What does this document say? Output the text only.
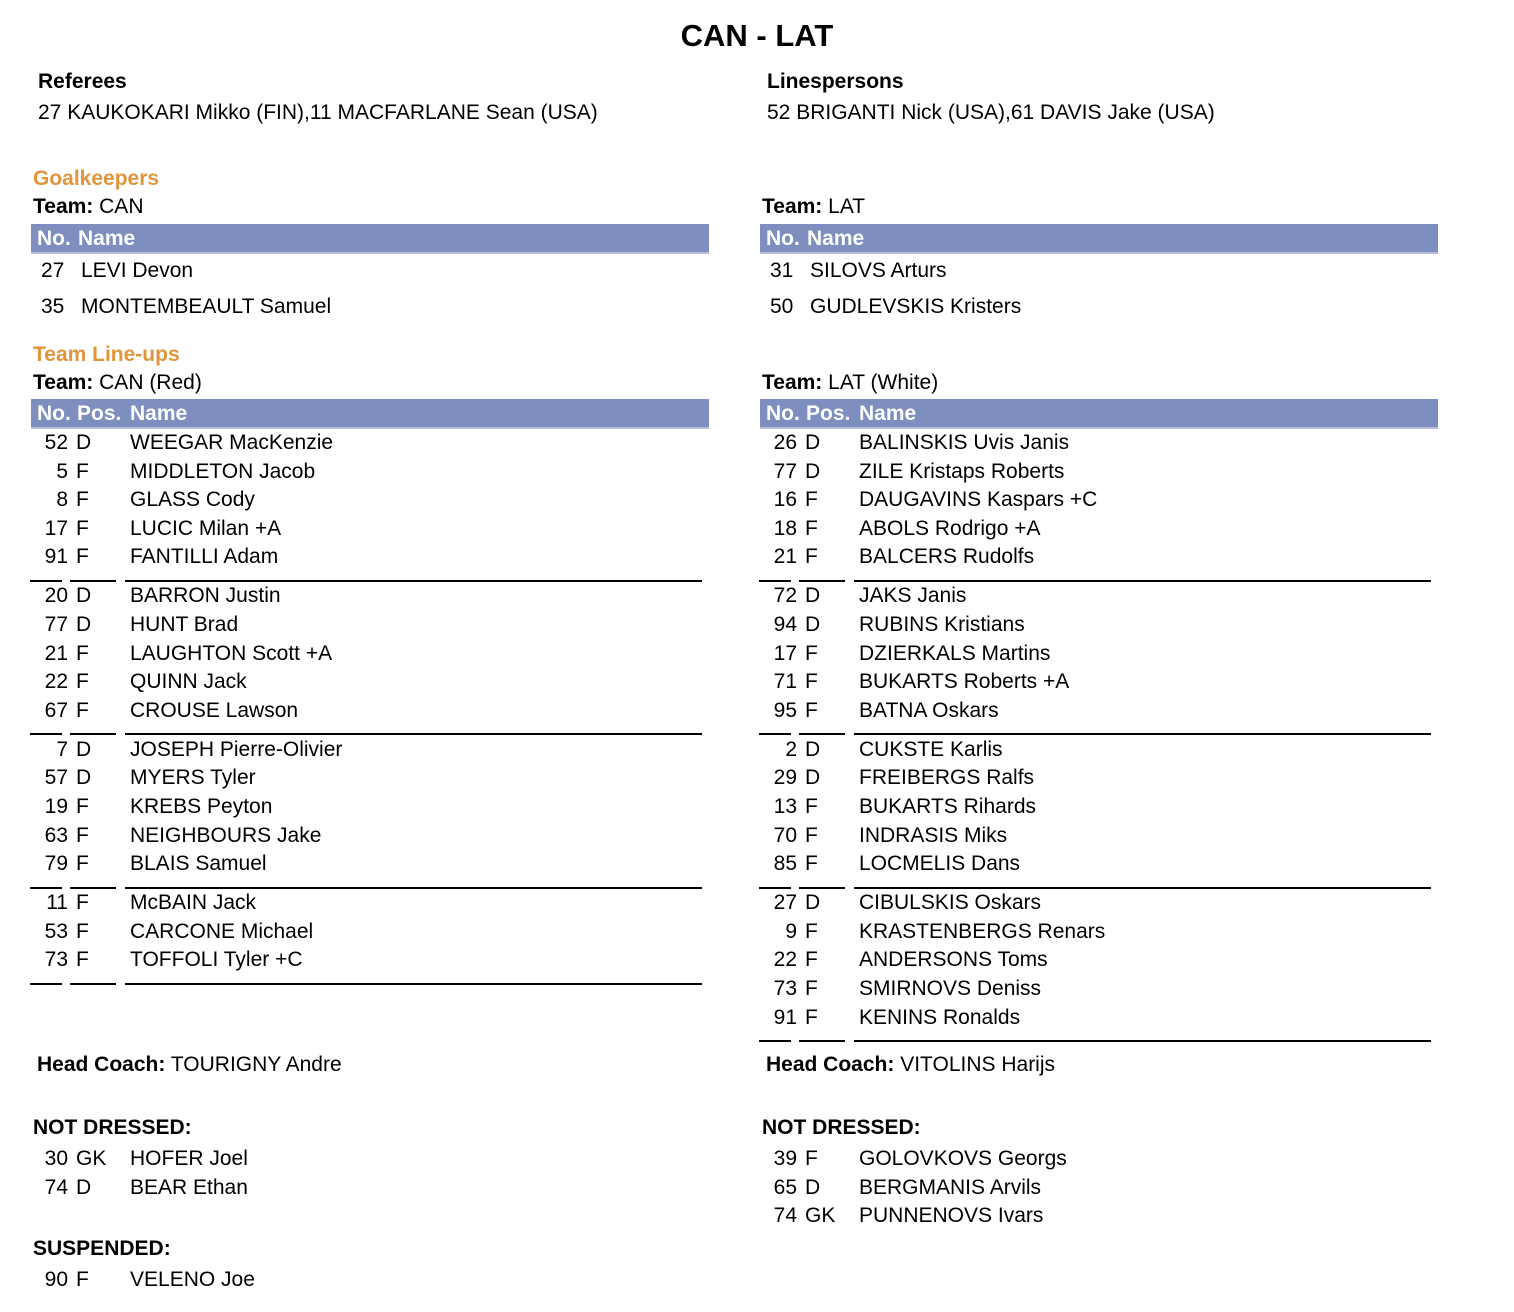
CAN - LAT
Referees
27 KAUKOKARI Mikko (FIN),11 MACFARLANE Sean (USA)
Linespersons
52 BRIGANTI Nick (USA),61 DAVIS Jake (USA)
Goalkeepers
Team: CAN	Team: LAT
No. Name	No. Name
27 LEVI Devon
35 MONTEMBEAULT Samuel
31 SILOVS Arturs
50 GUDLEVSKIS Kristers
Team Line-ups
Team: CAN (Red)	Team: LAT (White)
No. Pos. Name	No. Pos. Name
52 D WEEGAR MacKenzie
5 F MIDDLETON Jacob
8 F GLASS Cody
17 F LUCIC Milan +A
91 F FANTILLI Adam
20 D BARRON Justin
77 D HUNT Brad
21 F LAUGHTON Scott +A
22 F QUINN Jack
67 F CROUSE Lawson
7 D JOSEPH Pierre-Olivier
57 D MYERS Tyler
19 F KREBS Peyton
63 F NEIGHBOURS Jake
79 F BLAIS Samuel
11 F McBAIN Jack
53 F CARCONE Michael
73 F TOFFOLI Tyler +C
26 D BALINSKIS Uvis Janis
77 D ZILE Kristaps Roberts
16 F DAUGAVINS Kaspars +C
18 F ABOLS Rodrigo +A
21 F BALCERS Rudolfs
72 D JAKS Janis
94 D RUBINS Kristians
17 F DZIERKALS Martins
71 F BUKARTS Roberts +A
95 F BATNA Oskars
2 D CUKSTE Karlis
29 D FREIBERGS Ralfs
13 F BUKARTS Rihards
70 F INDRASIS Miks
85 F LOCMELIS Dans
27 D CIBULSKIS Oskars
9 F KRASTENBERGS Renars
22 F ANDERSONS Toms
73 F SMIRNOVS Deniss
91 F KENINS Ronalds
Head Coach: TOURIGNY Andre	Head Coach: VITOLINS Harijs
NOT DRESSED:	NOT DRESSED:
30 GK HOFER Joel
74 D BEAR Ethan
39 F GOLOVKOVS Georgs
65 D BERGMANIS Arvils
74 GK PUNNENOVS Ivars
SUSPENDED:
90 F VELENO Joe
